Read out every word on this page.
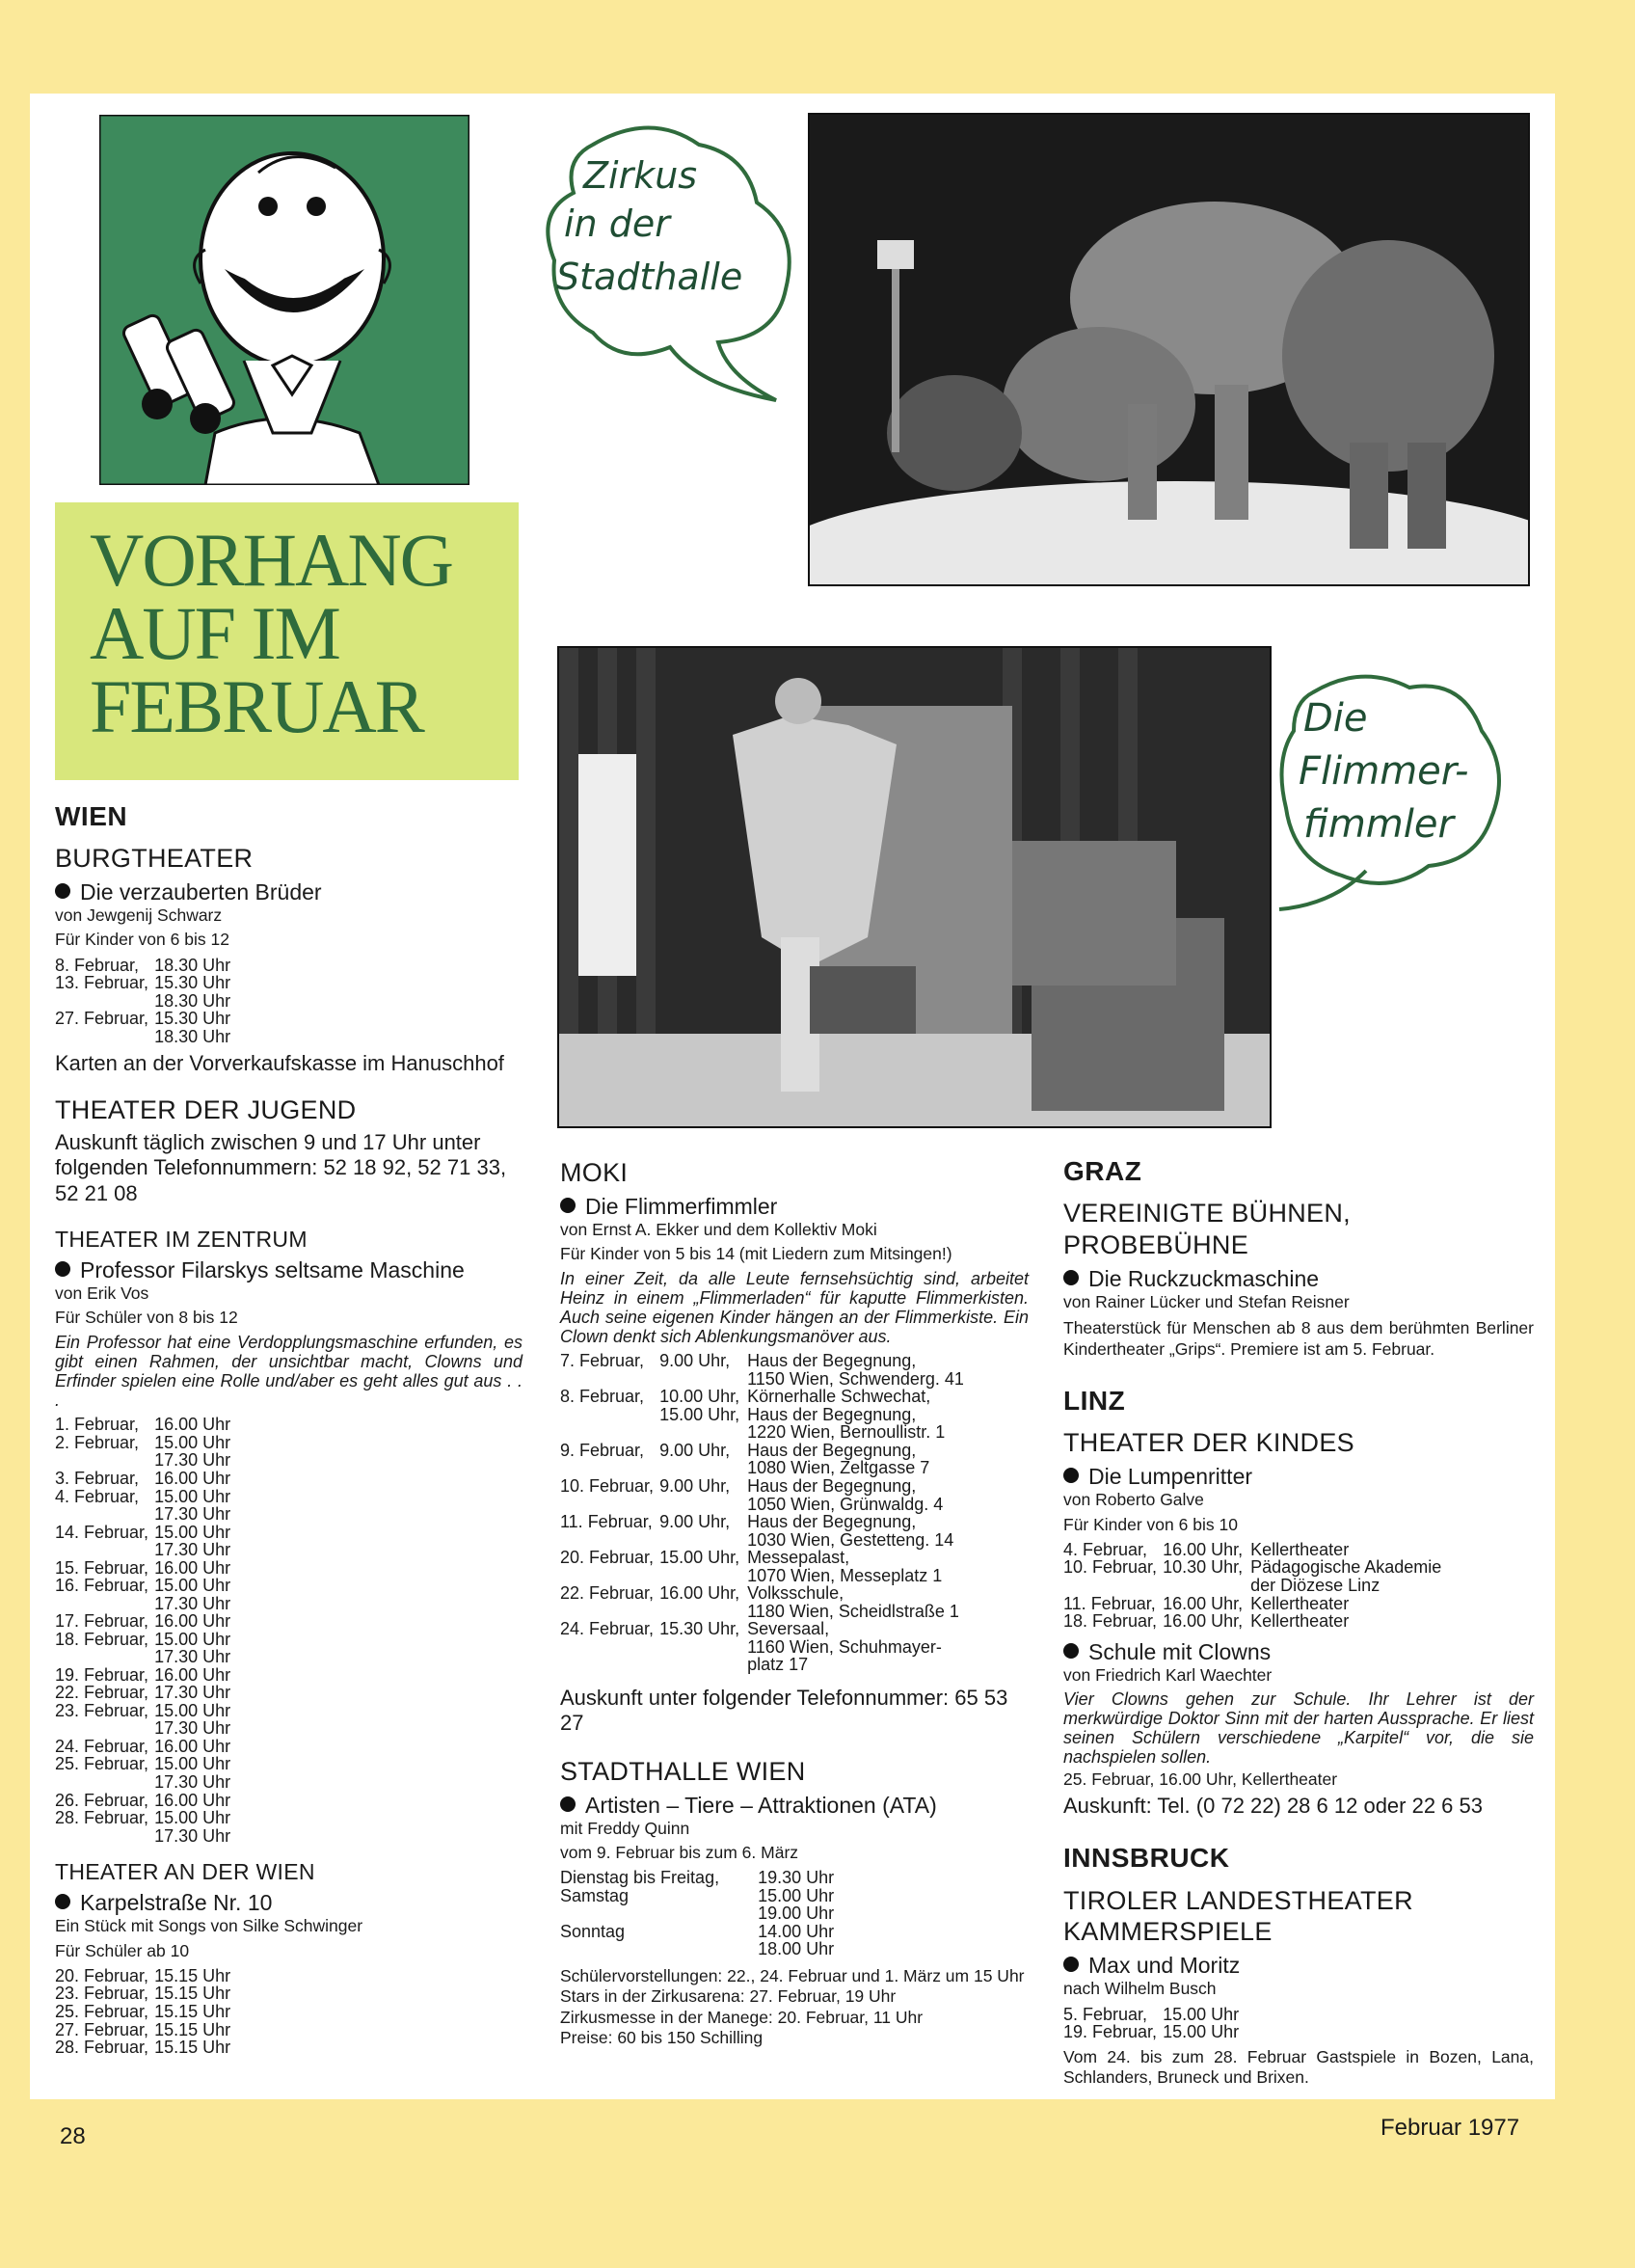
VORHANG
AUF IM
FEBRUAR
Zirkus
in der
Stadthalle
Die
Flimmer-
fimmler
WIEN
BURGTHEATER

Die verzauberten Brüder

von Jewgenij Schwarz

Für Kinder von 6 bis 12

8. Februar,	18.30 Uhr
13. Februar,	15.30 Uhr
	18.30 Uhr
27. Februar,	15.30 Uhr
	18.30 Uhr

Karten an der Vorverkaufskasse im Hanuschhof

THEATER DER JUGEND

Auskunft täglich zwischen 9 und 17 Uhr unter folgenden Telefonnummern: 52 18 92, 52 71 33, 52 21 08

THEATER IM ZENTRUM

Professor Filarskys seltsame Maschine

von Erik Vos

Für Schüler von 8 bis 12

Ein Professor hat eine Verdopplungsmaschine erfunden, es gibt einen Rahmen, der unsichtbar macht, Clowns und Erfinder spielen eine Rolle und/aber es geht alles gut aus . . .

1. Februar,	16.00 Uhr
2. Februar,	15.00 Uhr
	17.30 Uhr
3. Februar,	16.00 Uhr
4. Februar,	15.00 Uhr
	17.30 Uhr
14. Februar,	15.00 Uhr
	17.30 Uhr
15. Februar,	16.00 Uhr
16. Februar,	15.00 Uhr
	17.30 Uhr
17. Februar,	16.00 Uhr
18. Februar,	15.00 Uhr
	17.30 Uhr
19. Februar,	16.00 Uhr
22. Februar,	17.30 Uhr
23. Februar,	15.00 Uhr
	17.30 Uhr
24. Februar,	16.00 Uhr
25. Februar,	15.00 Uhr
	17.30 Uhr
26. Februar,	16.00 Uhr
28. Februar,	15.00 Uhr
	17.30 Uhr
THEATER AN DER WIEN

Karpelstraße Nr. 10

Ein Stück mit Songs von Silke Schwinger

Für Schüler ab 10

20. Februar,	15.15 Uhr
23. Februar,	15.15 Uhr
25. Februar,	15.15 Uhr
27. Februar,	15.15 Uhr
28. Februar,	15.15 Uhr
MOKI

Die Flimmerfimmler

von Ernst A. Ekker und dem Kollektiv Moki

Für Kinder von 5 bis 14 (mit Liedern zum Mitsingen!)

In einer Zeit, da alle Leute fernsehsüchtig sind, arbeitet Heinz in einem „Flimmerladen“ für kaputte Flimmerkisten. Auch seine eigenen Kinder hängen an der Flimmerkiste. Ein Clown denkt sich Ablenkungsmanöver aus.

7. Februar,	9.00 Uhr,	Haus der Begegnung,
		1150 Wien, Schwenderg. 41
8. Februar,	10.00 Uhr,	Körnerhalle Schwechat,
	15.00 Uhr,	Haus der Begegnung,
		1220 Wien, Bernoullistr. 1
9. Februar,	9.00 Uhr,	Haus der Begegnung,
		1080 Wien, Zeltgasse 7
10. Februar,	9.00 Uhr,	Haus der Begegnung,
		1050 Wien, Grünwaldg. 4
11. Februar,	9.00 Uhr,	Haus der Begegnung,
		1030 Wien, Gestetteng. 14
20. Februar,	15.00 Uhr,	Messepalast,
		1070 Wien, Messeplatz 1
22. Februar,	16.00 Uhr,	Volksschule,
		1180 Wien, Scheidlstraße 1
24. Februar,	15.30 Uhr,	Seversaal,
		1160 Wien, Schuhmayer-
		platz 17

Auskunft unter folgender Telefonnummer: 65 53 27

STADTHALLE WIEN

Artisten – Tiere – Attraktionen (ATA)

mit Freddy Quinn

vom 9. Februar bis zum 6. März

Dienstag bis Freitag,	19.30 Uhr
Samstag	15.00 Uhr
	19.00 Uhr
Sonntag	14.00 Uhr
	18.00 Uhr

Schülervorstellungen: 22., 24. Februar und 1. März um 15 Uhr

Stars in der Zirkusarena: 27. Februar, 19 Uhr

Zirkusmesse in der Manege: 20. Februar, 11 Uhr

Preise: 60 bis 150 Schilling

GRAZ
VEREINIGTE BÜHNEN, PROBEBÜHNE

Die Ruckzuckmaschine

von Rainer Lücker und Stefan Reisner

Theaterstück für Menschen ab 8 aus dem berühmten Berliner Kindertheater „Grips“. Premiere ist am 5. Februar.

LINZ
THEATER DER KINDES

Die Lumpenritter

von Roberto Galve

Für Kinder von 6 bis 10

4. Februar,	16.00 Uhr,	Kellertheater
10. Februar,	10.30 Uhr,	Pädagogische Akademie
		der Diözese Linz
11. Februar,	16.00 Uhr,	Kellertheater
18. Februar,	16.00 Uhr,	Kellertheater

Schule mit Clowns

von Friedrich Karl Waechter

Vier Clowns gehen zur Schule. Ihr Lehrer ist der merkwürdige Doktor Sinn mit der harten Aussprache. Er liest seinen Schülern verschiedene „Karpitel“ vor, die sie nachspielen sollen.

25. Februar, 16.00 Uhr, Kellertheater

Auskunft: Tel. (0 72 22) 28 6 12 oder 22 6 53

INNSBRUCK
TIROLER LANDESTHEATER KAMMERSPIELE

Max und Moritz

nach Wilhelm Busch

5. Februar,	15.00 Uhr
19. Februar,	15.00 Uhr

Vom 24. bis zum 28. Februar Gastspiele in Bozen, Lana, Schlanders, Bruneck und Brixen.

28	Februar 1977
